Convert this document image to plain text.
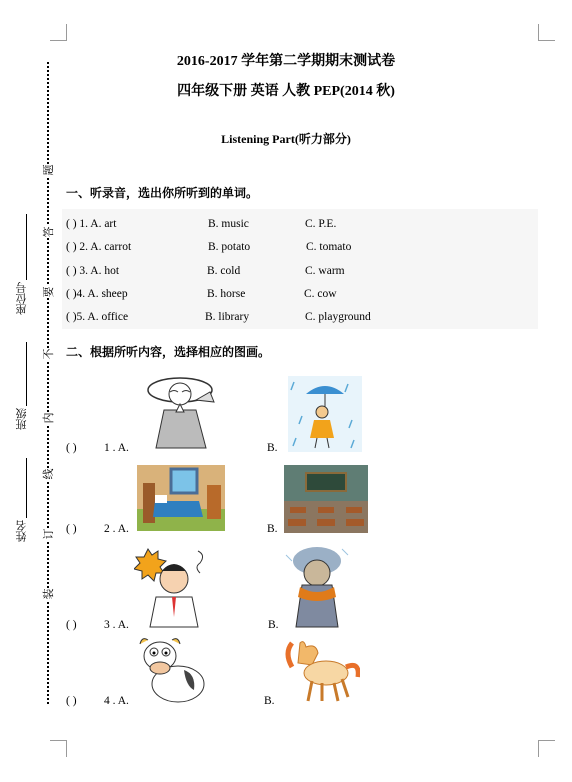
座位号
班级
姓名
题
答
要
不
内
线
订
装
2016-2017 学年第二学期期末测试卷
四年级下册 英语 人教 PEP(2014 秋)
Listening Part(听力部分)
一、听录音，选出你所听到的单词。
( ) 1. A. art	B. music	C. P.E.
( ) 2. A. carrot	B. potato	C. tomato
( ) 3. A. hot	B. cold	C. warm
( )4. A. sheep	B. horse	C. cow
( )5. A. office	B. library	C. playground
二、根据所听内容，选择相应的图画。
( ) 1 . A.	B.
( ) 2 . A.	B.
( ) 3 . A.	B.
( ) 4 . A.	B.
